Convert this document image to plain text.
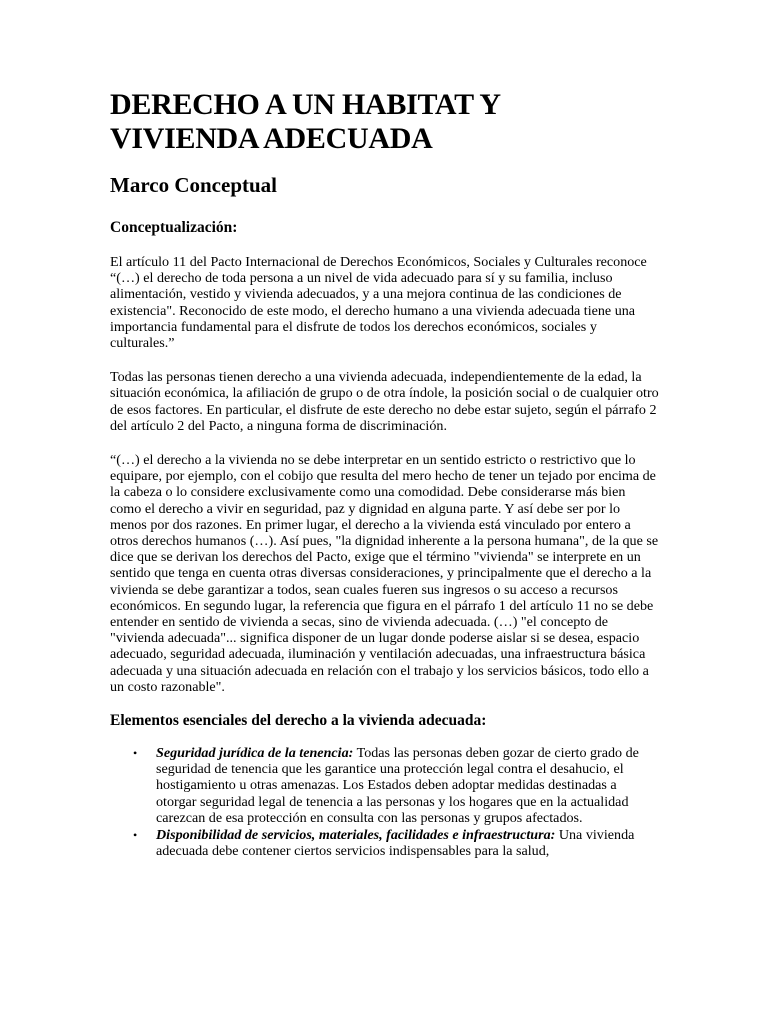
DERECHO A UN HABITAT Y
VIVIENDA ADECUADA
Marco Conceptual
Conceptualización:

El artículo 11 del Pacto Internacional de Derechos Económicos, Sociales y Culturales reconoce “(…) el derecho de toda persona a un nivel de vida adecuado para sí y su familia, incluso alimentación, vestido y vivienda adecuados, y a una mejora continua de las condiciones de existencia". Reconocido de este modo, el derecho humano a una vivienda adecuada tiene una importancia fundamental para el disfrute de todos los derechos económicos, sociales y culturales.”

Todas las personas tienen derecho a una vivienda adecuada, independientemente de la edad, la situación económica, la afiliación de grupo o de otra índole, la posición social o de cualquier otro de esos factores. En particular, el disfrute de este derecho no debe estar sujeto, según el párrafo 2 del artículo 2 del Pacto, a ninguna forma de discriminación.

“(…) el derecho a la vivienda no se debe interpretar en un sentido estricto o restrictivo que lo equipare, por ejemplo, con el cobijo que resulta del mero hecho de tener un tejado por encima de la cabeza o lo considere exclusivamente como una comodidad. Debe considerarse más bien como el derecho a vivir en seguridad, paz y dignidad en alguna parte. Y así debe ser por lo menos por dos razones. En primer lugar, el derecho a la vivienda está vinculado por entero a otros derechos humanos (…). Así pues, "la dignidad inherente a la persona humana", de la que se dice que se derivan los derechos del Pacto, exige que el término "vivienda" se interprete en un sentido que tenga en cuenta otras diversas consideraciones, y principalmente que el derecho a la vivienda se debe garantizar a todos, sean cuales fueren sus ingresos o su acceso a recursos económicos. En segundo lugar, la referencia que figura en el párrafo 1 del artículo 11 no se debe entender en sentido de vivienda a secas, sino de vivienda adecuada. (…) "el concepto de "vivienda adecuada"... significa disponer de un lugar donde poderse aislar si se desea, espacio adecuado, seguridad adecuada, iluminación y ventilación adecuadas, una infraestructura básica adecuada y una situación adecuada en relación con el trabajo y los servicios básicos, todo ello a un costo razonable".

Elementos esenciales del derecho a la vivienda adecuada:
• Seguridad jurídica de la tenencia: Todas las personas deben gozar de cierto grado de seguridad de tenencia que les garantice una protección legal contra el desahucio, el hostigamiento u otras amenazas. Los Estados deben adoptar medidas destinadas a otorgar seguridad legal de tenencia a las personas y los hogares que en la actualidad carezcan de esa protección en consulta con las personas y grupos afectados.
• Disponibilidad de servicios, materiales, facilidades e infraestructura: Una vivienda adecuada debe contener ciertos servicios indispensables para la salud,
